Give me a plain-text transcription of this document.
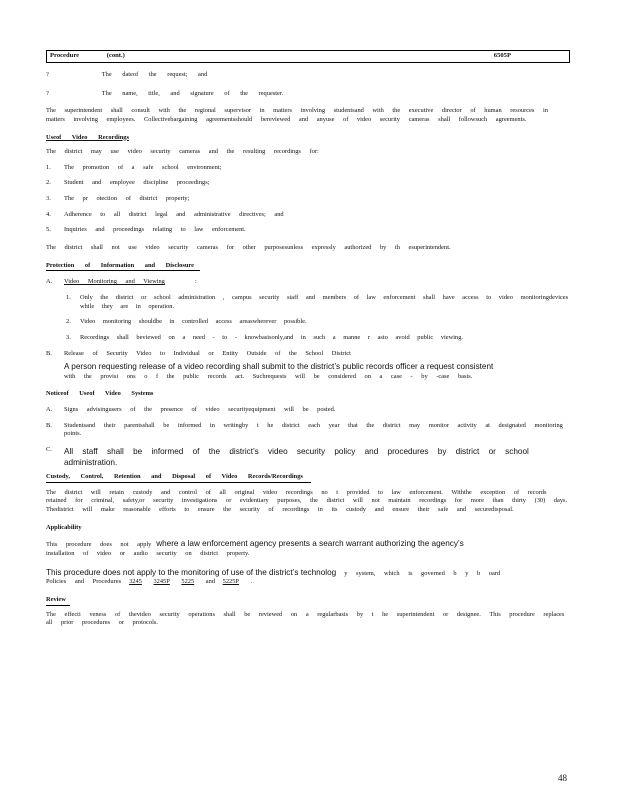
Procedure	(cont.)	6505P

?	The dateof the request; and

?	The name, title, and signature of the requester.

The superintendent shall consult with the regional supervisor in matters involving studentsand with the executive director of human resources in matters involving employees. Collectivebargaining agreementsshould bereviewed and anyuse of video security cameras shall followsuch agreements.

Useof Video Recordings

The district may use video security cameras and the resulting recordings for:

1.	The promotion of a safe school environment;
2.	Student and employee discipline proceedings;
3.	The pr otection of district property;
4.	Adherence to all district legal and administrative directives; and
5.	Inquiries and proceedings relating to law enforcement.

The district shall not use video security cameras for other purposesunless expressly authorized by th esuperintendent.

Protection of Information and Disclosure

A.	Video Monitoring and Viewing	:
1.	Only the district or school administration , campus security staff and members of law enforcement shall have access to video monitoringdevices while they are in operation.
2.	Video monitoring shouldbe in controlled access areaswherever possible.
3.	Recordings shall beviewed on a need - to - knowbasisonly,and in such a manne r asto avoid public viewing.
B.	Release of Security Video to Individual or Entity Outside of the School District

A person requesting release of a video recording shall submit to the district’s public records officer a request consistent
with the provisi ons o f the public records act. Suchrequests will be considered on a case - by -case basis.

Noticeof Useof Video Systems

A.	Signs advisingusers of the presence of video securityequipment will be posted.
B.	Studentsand their parentsshall be informed in writingby t he district each year that the district may monitor activity at designated monitoring points.
C.	All staff shall be informed of the district’s video security policy and procedures by district or school administration.

Custody, Control, Retention and Disposal of Video Records/Recordings

The district will retain custody and control of all original video recordings no t provided to law enforcement. Withthe exception of records retained for criminal, safety,or security investigations or evidentiary purposes, the district will not maintain recordings for more than thirty (30) days. Thedistrict will make reasonable efforts to ensure the security of recordings in its custody and ensure their safe and securedisposal.

Applicability

This procedure does not apply where a law enforcement agency presents a search warrant authorizing the agency’s
installation of video or audio security on district property.

This procedure does not apply to the monitoring of use of the district’s technolog y system, which is governed b y b oard
Policies and Procedures 3245 3245P 5225 and 5225P .

Review

The effecti veness of thevideo security operations shall be reviewed on a regularbasis by t he superintendent or designee. This procedure replaces all prior procedures or protocols.

48
